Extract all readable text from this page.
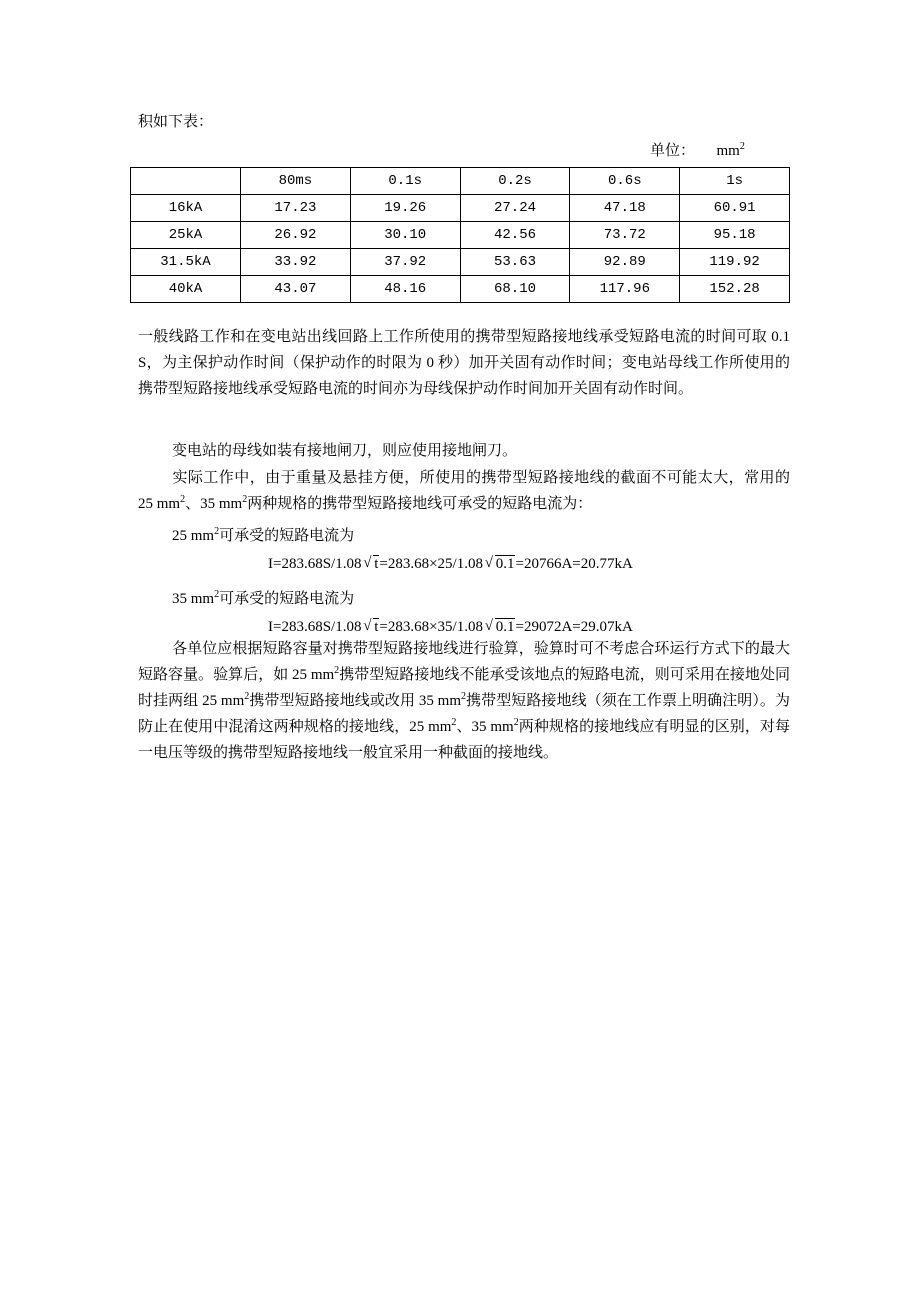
积如下表：
单位： $mm^2$
	80ms	0.1s	0.2s	0.6s	1s
16kA	17.23	19.26	27.24	47.18	60.91
25kA	26.92	30.10	42.56	73.72	95.18
31.5kA	33.92	37.92	53.63	92.89	119.92
40kA	43.07	48.16	68.10	117.96	152.28
一般线路工作和在变电站出线回路上工作所使用的携带型短路接地线承受短路电流的时间可取 0.1 S，为主保护动作时间（保护动作的时限为 0 秒）加开关固有动作时间；变电站母线工作所使用的携带型短路接地线承受短路电流的时间亦为母线保护动作时间加开关固有动作时间。
变电站的母线如装有接地闸刀，则应使用接地闸刀。
实际工作中，由于重量及悬挂方便，所使用的携带型短路接地线的截面不可能太大，常用的 25 $mm^2$、35 $mm^2$两种规格的携带型短路接地线可承受的短路电流为：
25 $mm^2$可承受的短路电流为
I=283.68S/1.08 √ t=283.68×25/1.08 √ 0.1=20766A=20.77kA
35 $mm^2$可承受的短路电流为
I=283.68S/1.08 √ t=283.68×35/1.08 √ 0.1=29072A=29.07kA
各单位应根据短路容量对携带型短路接地线进行验算，验算时可不考虑合环运行方式下的最大短路容量。验算后，如 25 $mm^2$携带型短路接地线不能承受该地点的短路电流，则可采用在接地处同时挂两组 25 $mm^2$携带型短路接地线或改用 35 $mm^2$携带型短路接地线（须在工作票上明确注明）。为防止在使用中混淆这两种规格的接地线，25 $mm^2$、35 $mm^2$两种规格的接地线应有明显的区别，对每一电压等级的携带型短路接地线一般宜采用一种截面的接地线。
